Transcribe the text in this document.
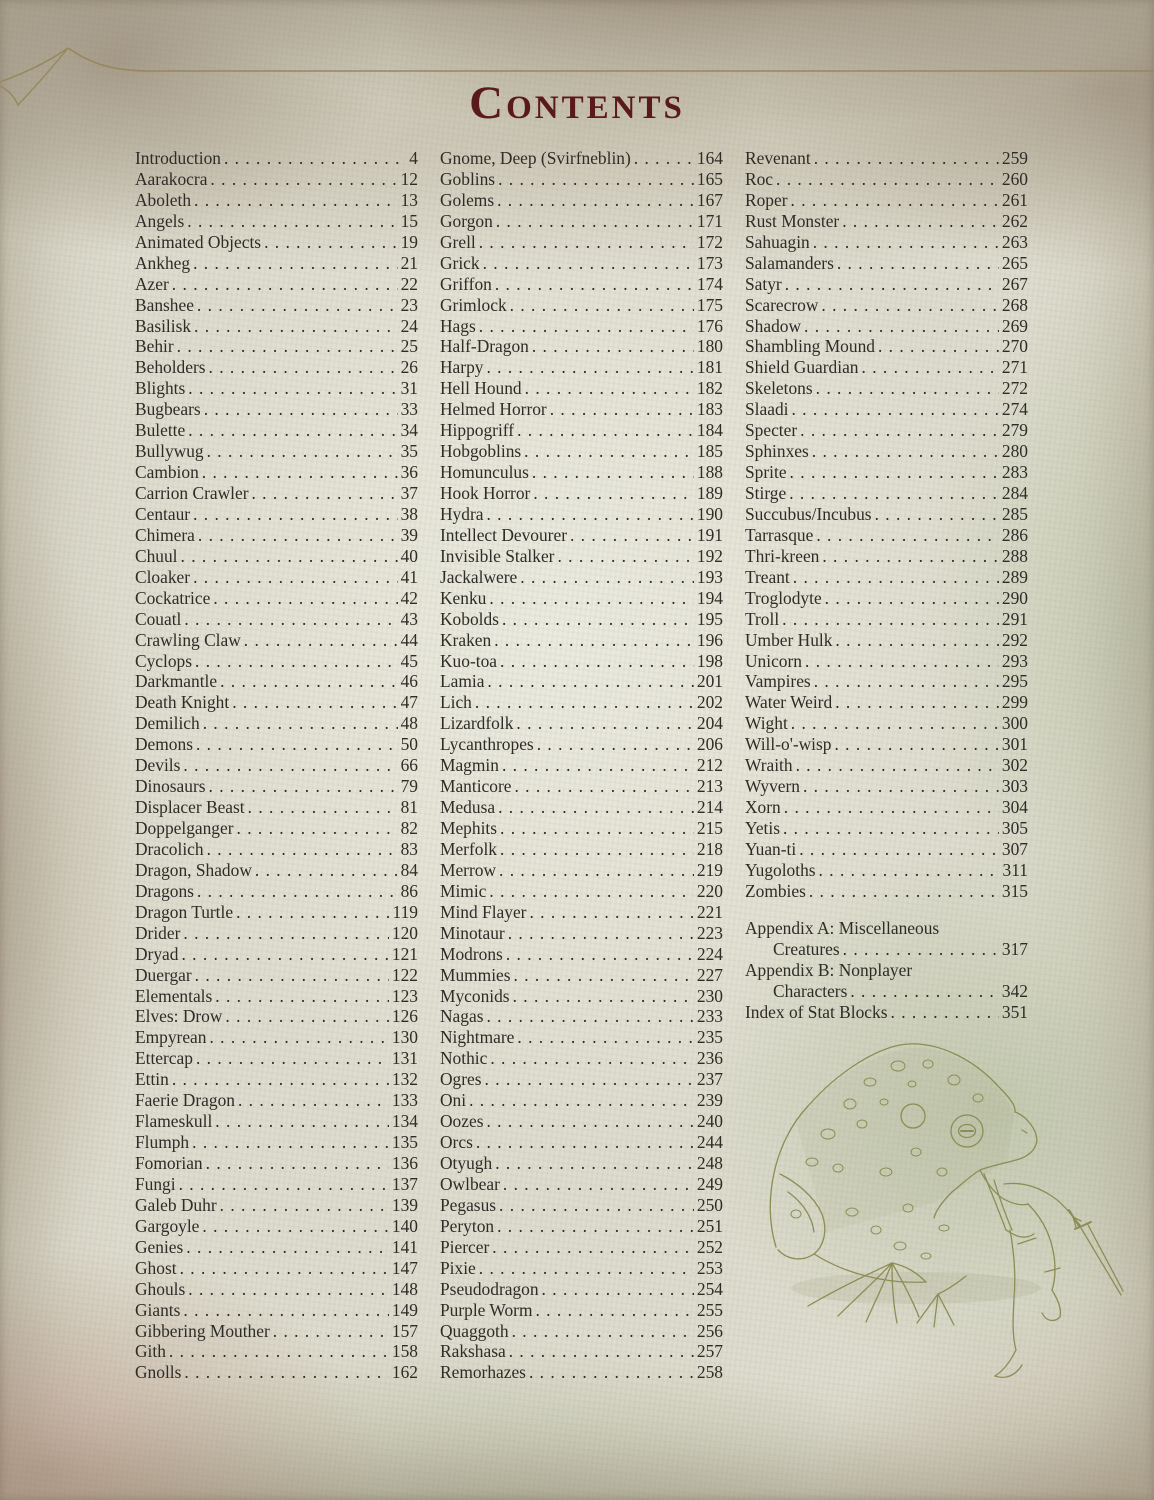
Contents
Introduction . . .	4
Aarakocra . . .	12
Aboleth . . .	13
Angels . . .	15
Animated Objects . . .	19
Ankheg . . .	21
Azer . . .	22
Banshee . . .	23
Basilisk . . .	24
Behir . . .	25
Beholders . . .	26
Blights . . .	31
Bugbears . . .	33
Bulette . . .	34
Bullywug . . .	35
Cambion . . .	36
Carrion Crawler . . .	37
Centaur . . .	38
Chimera . . .	39
Chuul . . .	40
Cloaker . . .	41
Cockatrice . . .	42
Couatl . . .	43
Crawling Claw . . .	44
Cyclops . . .	45
Darkmantle . . .	46
Death Knight . . .	47
Demilich . . .	48
Demons . . .	50
Devils . . .	66
Dinosaurs . . .	79
Displacer Beast . . .	81
Doppelganger . . .	82
Dracolich . . .	83
Dragon, Shadow . . .	84
Dragons . . .	86
Dragon Turtle . . .	119
Drider . . .	120
Dryad . . .	121
Duergar . . .	122
Elementals . . .	123
Elves: Drow . . .	126
Empyrean . . .	130
Ettercap . . .	131
Ettin . . .	132
Faerie Dragon . . .	133
Flameskull . . .	134
Flumph . . .	135
Fomorian . . .	136
Fungi . . .	137
Galeb Duhr . . .	139
Gargoyle . . .	140
Genies . . .	141
Ghost . . .	147
Ghouls . . .	148
Giants . . .	149
Gibbering Mouther . . .	157
Gith . . .	158
Gnolls . . .	162
Gnome, Deep (Svirfneblin) . . .	164
Goblins . . .	165
Golems . . .	167
Gorgon . . .	171
Grell . . .	172
Grick . . .	173
Griffon . . .	174
Grimlock . . .	175
Hags . . .	176
Half-Dragon . . .	180
Harpy . . .	181
Hell Hound . . .	182
Helmed Horror . . .	183
Hippogriff . . .	184
Hobgoblins . . .	185
Homunculus . . .	188
Hook Horror . . .	189
Hydra . . .	190
Intellect Devourer . . .	191
Invisible Stalker . . .	192
Jackalwere . . .	193
Kenku . . .	194
Kobolds . . .	195
Kraken . . .	196
Kuo-toa . . .	198
Lamia . . .	201
Lich . . .	202
Lizardfolk . . .	204
Lycanthropes . . .	206
Magmin . . .	212
Manticore . . .	213
Medusa . . .	214
Mephits . . .	215
Merfolk . . .	218
Merrow . . .	219
Mimic . . .	220
Mind Flayer . . .	221
Minotaur . . .	223
Modrons . . .	224
Mummies . . .	227
Myconids . . .	230
Nagas . . .	233
Nightmare . . .	235
Nothic . . .	236
Ogres . . .	237
Oni . . .	239
Oozes . . .	240
Orcs . . .	244
Otyugh . . .	248
Owlbear . . .	249
Pegasus . . .	250
Peryton . . .	251
Piercer . . .	252
Pixie . . .	253
Pseudodragon . . .	254
Purple Worm . . .	255
Quaggoth . . .	256
Rakshasa . . .	257
Remorhazes . . .	258
Revenant . . .	259
Roc . . .	260
Roper . . .	261
Rust Monster . . .	262
Sahuagin . . .	263
Salamanders . . .	265
Satyr . . .	267
Scarecrow . . .	268
Shadow . . .	269
Shambling Mound . . .	270
Shield Guardian . . .	271
Skeletons . . .	272
Slaadi . . .	274
Specter . . .	279
Sphinxes . . .	280
Sprite . . .	283
Stirge . . .	284
Succubus/Incubus . . .	285
Tarrasque . . .	286
Thri-kreen . . .	288
Treant . . .	289
Troglodyte . . .	290
Troll . . .	291
Umber Hulk . . .	292
Unicorn . . .	293
Vampires . . .	295
Water Weird . . .	299
Wight . . .	300
Will-o'-wisp . . .	301
Wraith . . .	302
Wyvern . . .	303
Xorn . . .	304
Yetis . . .	305
Yuan-ti . . .	307
Yugoloths . . .	311
Zombies . . .	315
Appendix A: Miscellaneous
Creatures . . .	317
Appendix B: Nonplayer
Characters . . .	342
Index of Stat Blocks . . .	351
